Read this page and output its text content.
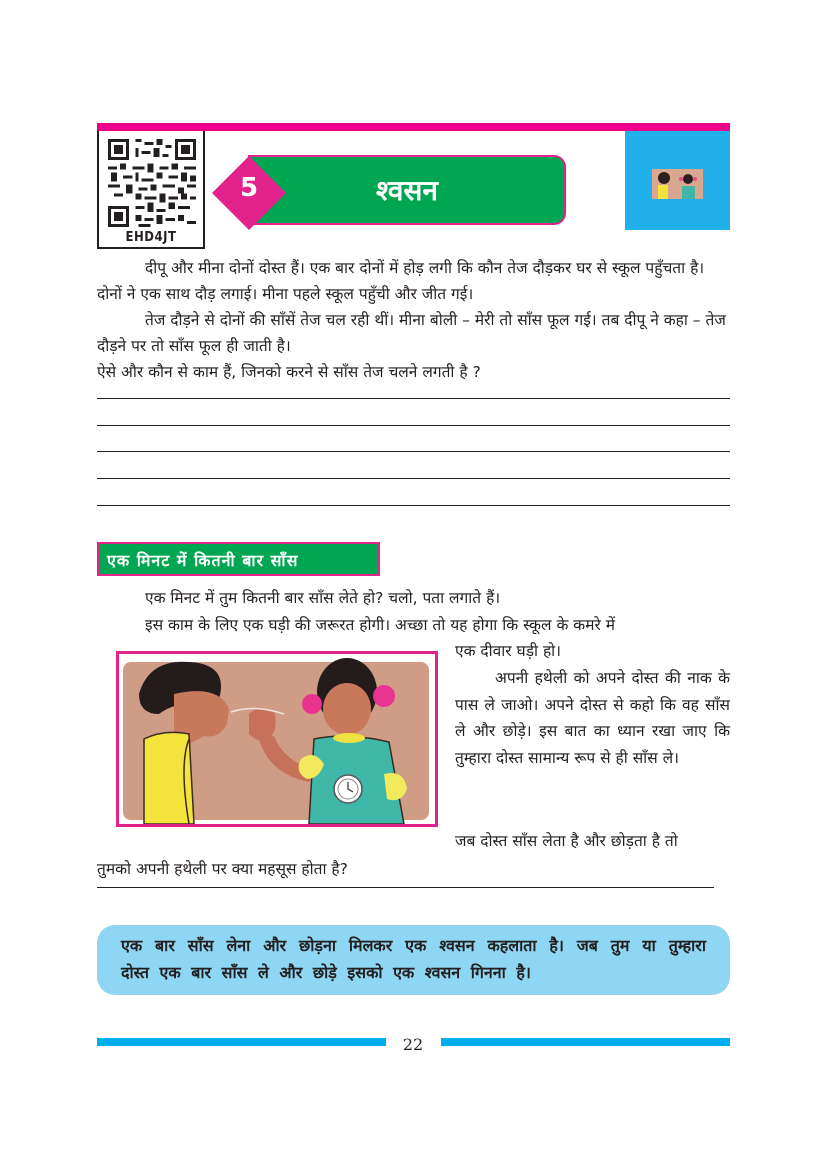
EHD4JT
श्वसन
5
दीपू और मीना दोनों दोस्त हैं। एक बार दोनों में होड़ लगी कि कौन तेज दौड़कर घर से स्कूल पहुँचता है। दोनों ने एक साथ दौड़ लगाई। मीना पहले स्कूल पहुँची और जीत गई।
तेज दौड़ने से दोनों की साँसें तेज चल रही थीं। मीना बोली – मेरी तो साँस फूल गई। तब दीपू ने कहा – तेज दौड़ने पर तो साँस फूल ही जाती है।
ऐसे और कौन से काम हैं, जिनको करने से साँस तेज चलने लगती है ?
एक मिनट में कितनी बार साँस
एक मिनट में तुम कितनी बार साँस लेते हो? चलो, पता लगाते हैं।
इस काम के लिए एक घड़ी की जरूरत होगी। अच्छा तो यह होगा कि स्कूल के कमरे में
एक दीवार घड़ी हो।
अपनी हथेली को अपने दोस्त की नाक के पास ले जाओ। अपने दोस्त से कहो कि वह साँस ले और छोड़े। इस बात का ध्यान रखा जाए कि तुम्हारा दोस्त सामान्य रूप से ही साँस ले।
जब दोस्त साँस लेता है और छोड़ता है तो
तुमको अपनी हथेली पर क्या महसूस होता है?
एक बार साँस लेना और छोड़ना मिलकर एक श्वसन कहलाता है। जब तुम या तुम्हारा दोस्त एक बार साँस ले और छोड़े इसको एक श्वसन गिनना है।
22
